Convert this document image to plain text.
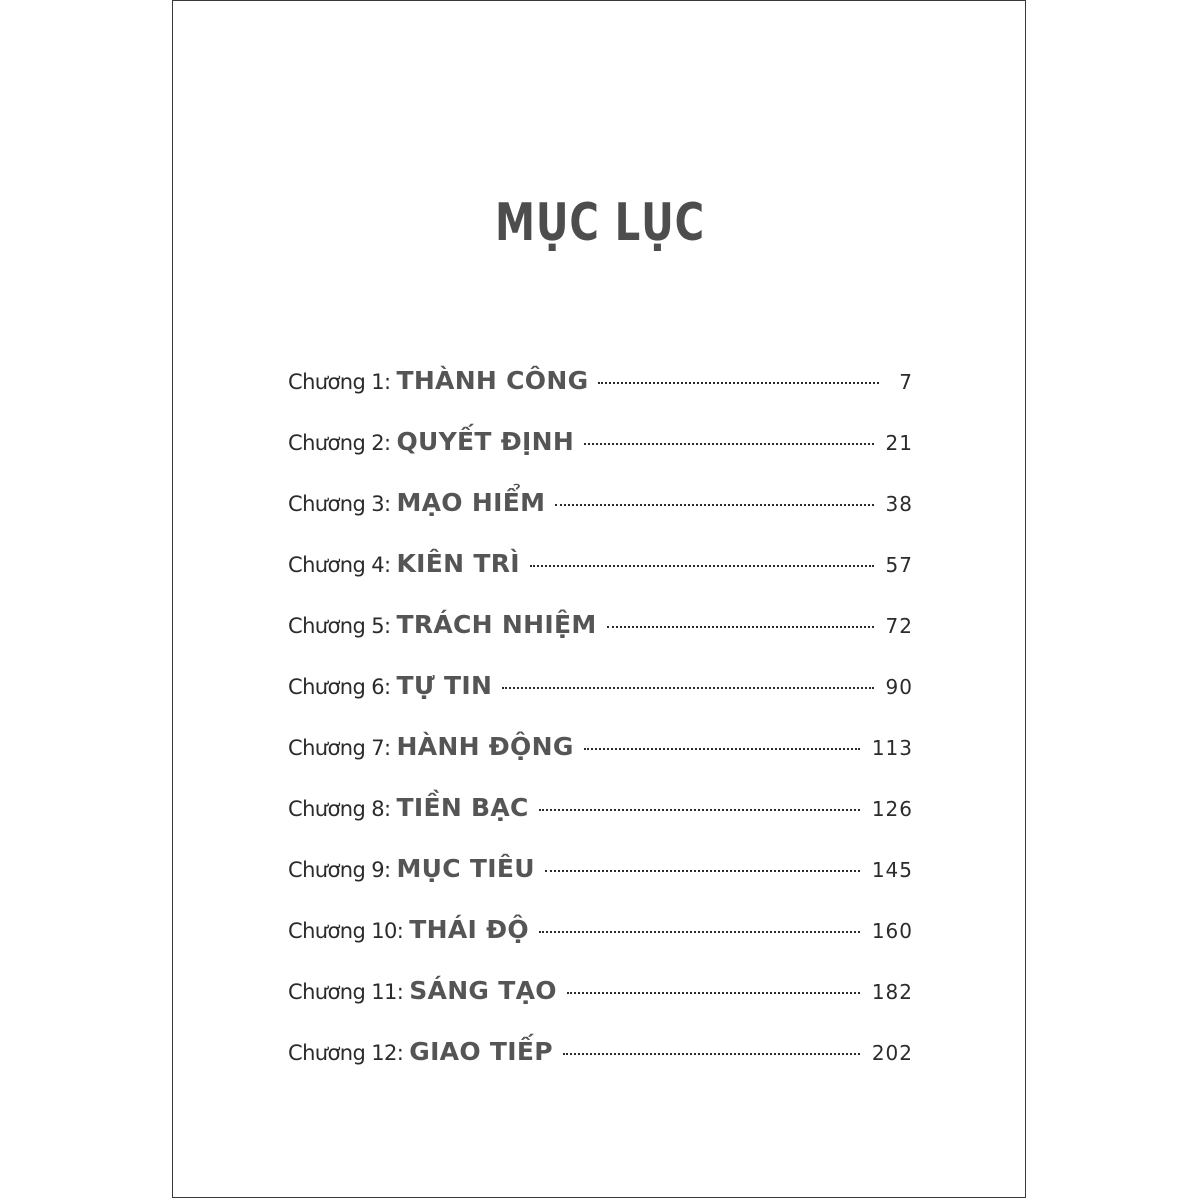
MỤC LỤC
Chương 1: THÀNH CÔNG	7
Chương 2: QUYẾT ĐỊNH	21
Chương 3: MẠO HIỂM	38
Chương 4: KIÊN TRÌ	57
Chương 5: TRÁCH NHIỆM	72
Chương 6: TỰ TIN	90
Chương 7: HÀNH ĐỘNG	113
Chương 8: TIỀN BẠC	126
Chương 9: MỤC TIÊU	145
Chương 10: THÁI ĐỘ	160
Chương 11: SÁNG TẠO	182
Chương 12: GIAO TIẾP	202
